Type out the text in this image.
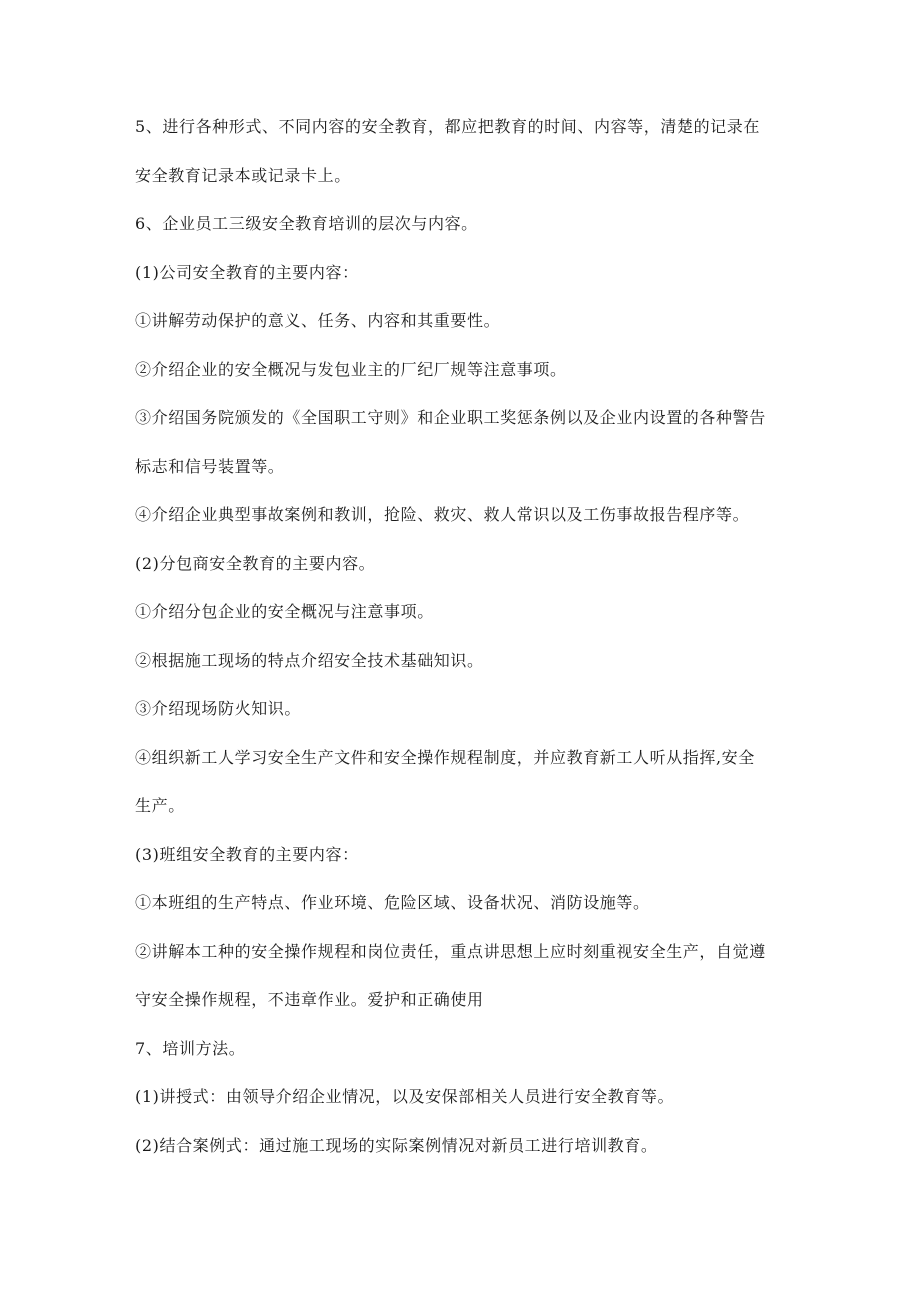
5、进行各种形式、不同内容的安全教育，都应把教育的时间、内容等，清楚的记录在

安全教育记录本或记录卡上。

6、企业员工三级安全教育培训的层次与内容。

(1)公司安全教育的主要内容：

①讲解劳动保护的意义、任务、内容和其重要性。

②介绍企业的安全概况与发包业主的厂纪厂规等注意事项。

③介绍国务院颁发的《全国职工守则》和企业职工奖惩条例以及企业内设置的各种警告

标志和信号装置等。

④介绍企业典型事故案例和教训，抢险、救灾、救人常识以及工伤事故报告程序等。

(2)分包商安全教育的主要内容。

①介绍分包企业的安全概况与注意事项。

②根据施工现场的特点介绍安全技术基础知识。

③介绍现场防火知识。

④组织新工人学习安全生产文件和安全操作规程制度，并应教育新工人听从指挥,安全

生产。

(3)班组安全教育的主要内容：

①本班组的生产特点、作业环境、危险区域、设备状况、消防设施等。

②讲解本工种的安全操作规程和岗位责任，重点讲思想上应时刻重视安全生产，自觉遵

守安全操作规程，不违章作业。爱护和正确使用

7、培训方法。

(1)讲授式：由领导介绍企业情况，以及安保部相关人员进行安全教育等。

(2)结合案例式：通过施工现场的实际案例情况对新员工进行培训教育。
